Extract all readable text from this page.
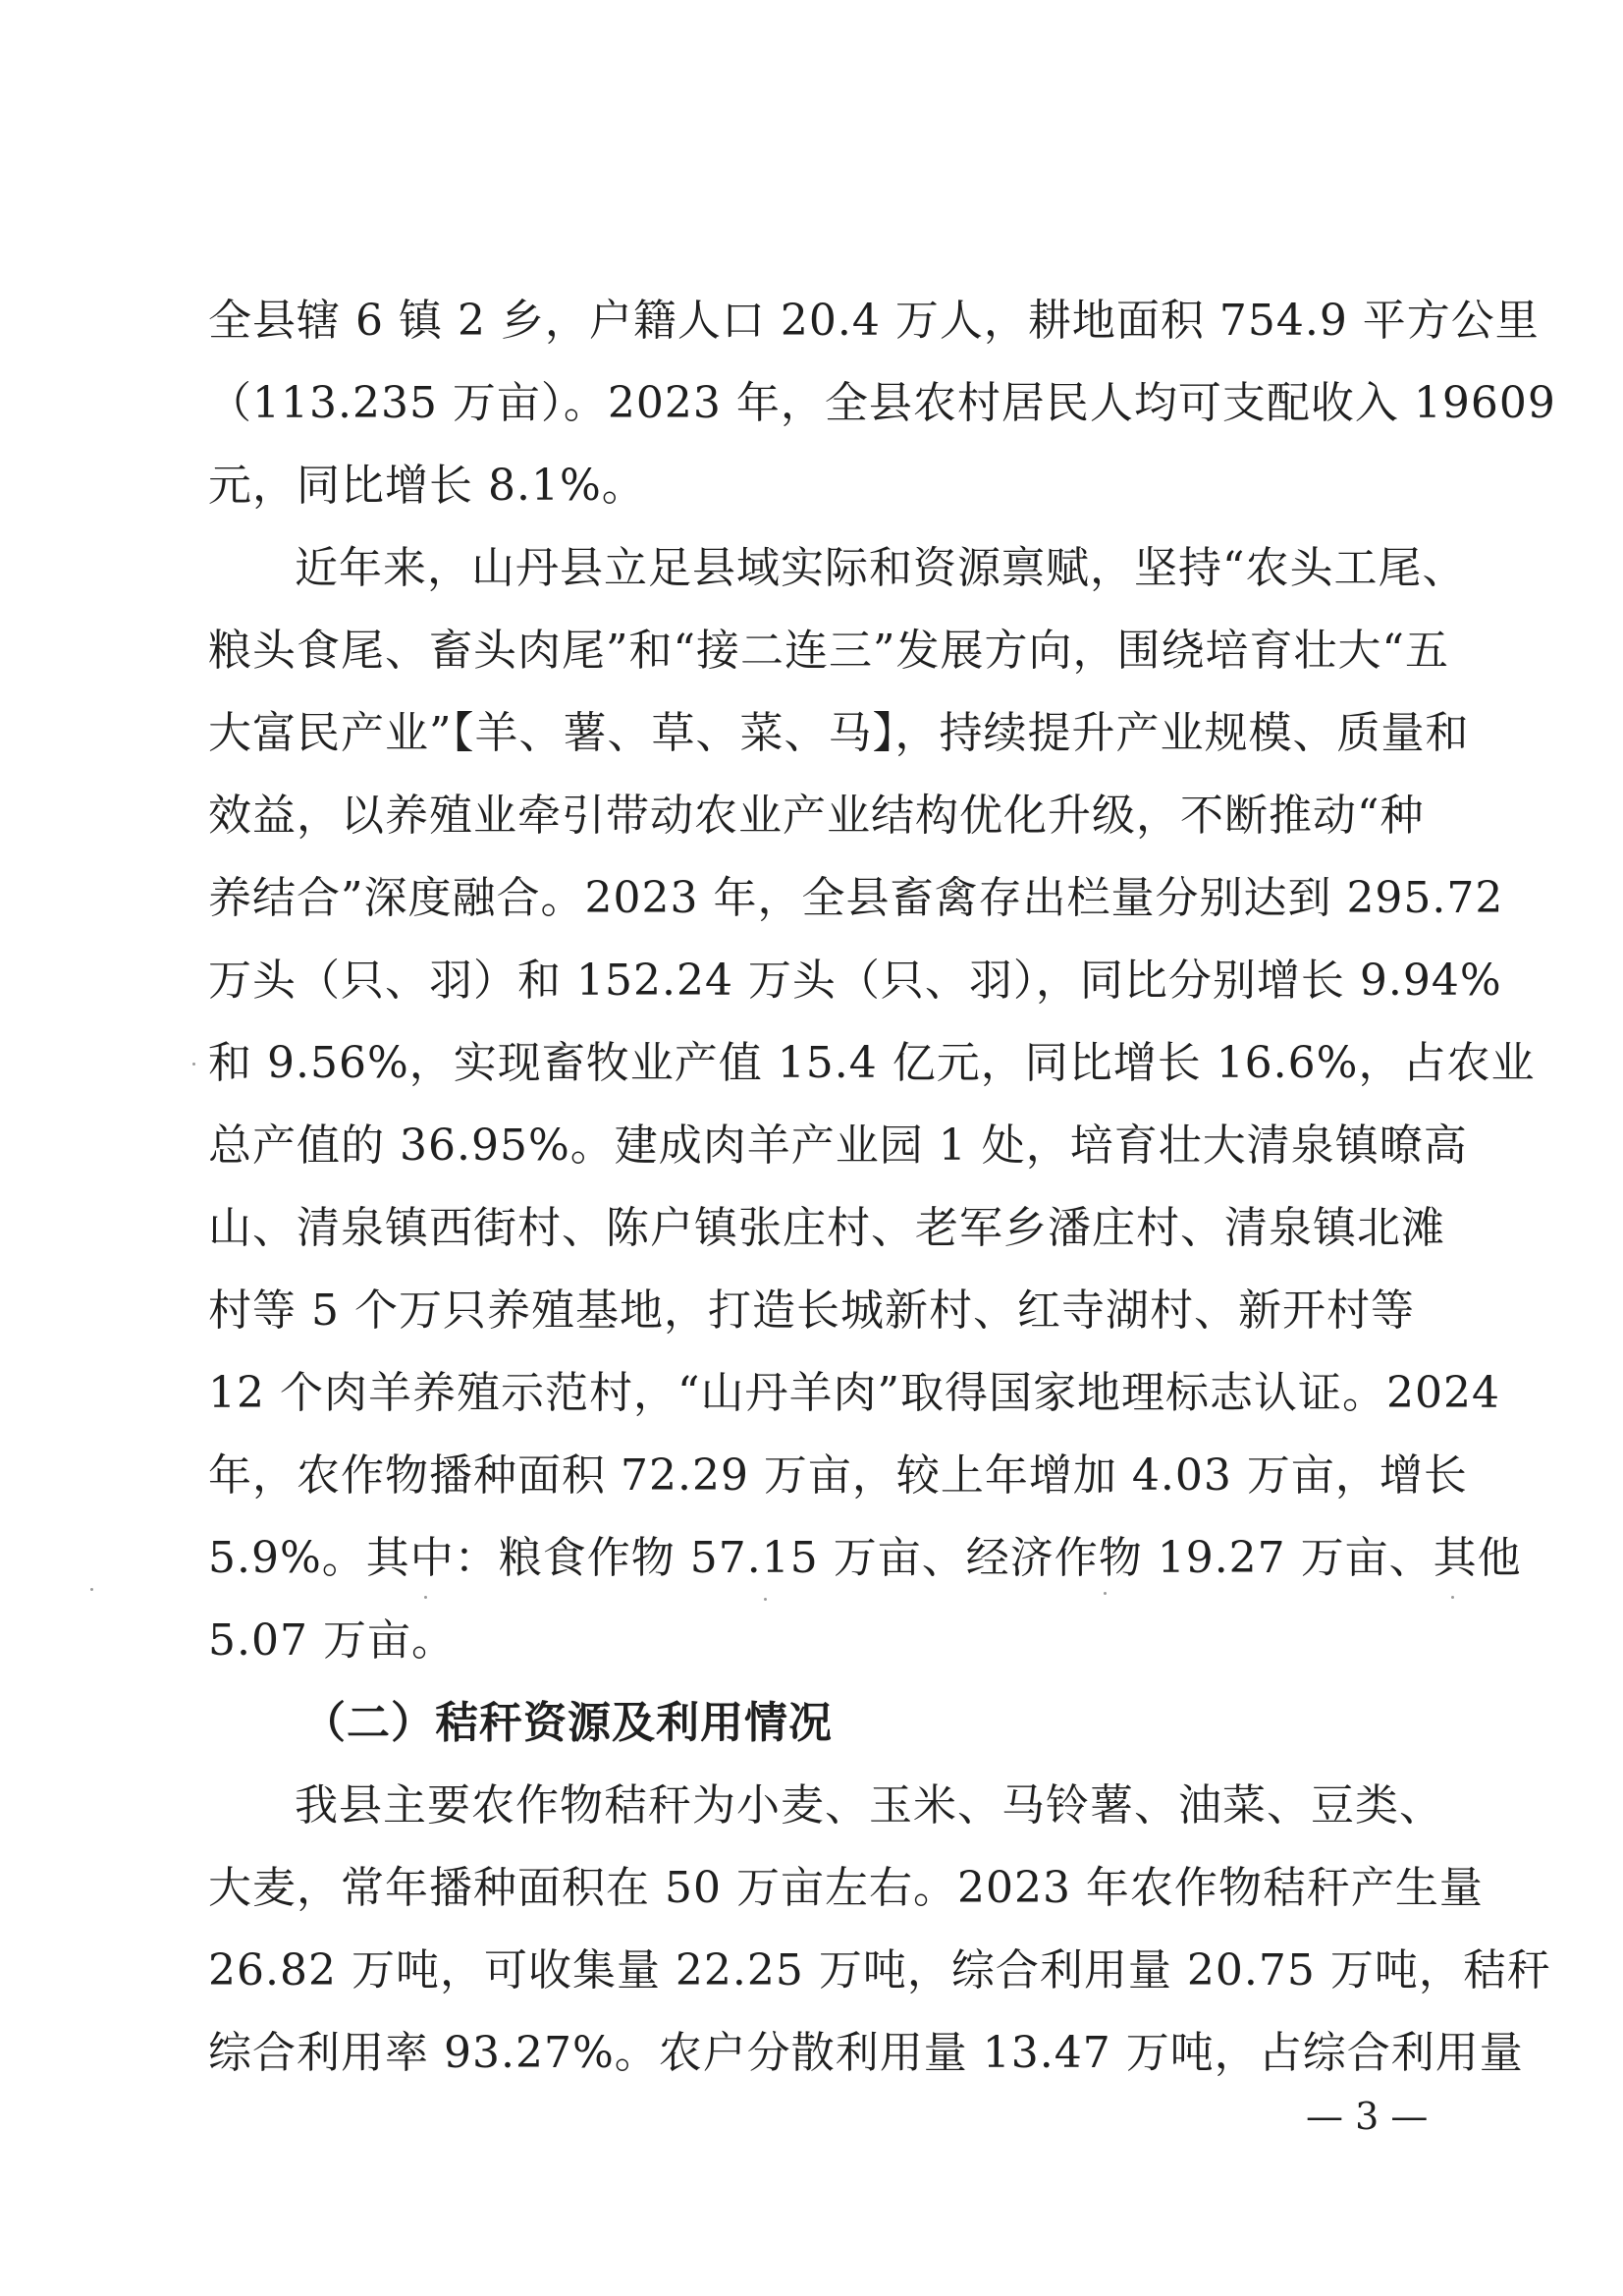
全县辖 6 镇 2 乡，户籍人口 20.4 万人，耕地面积 754.9 平方公里
（113.235 万亩）。2023 年，全县农村居民人均可支配收入 19609
元，同比增长 8.1%。
近年来，山丹县立足县域实际和资源禀赋，坚持“农头工尾、
粮头食尾、畜头肉尾”和“接二连三”发展方向，围绕培育壮大“五
大富民产业”【羊、薯、草、菜、马】，持续提升产业规模、质量和
效益，以养殖业牵引带动农业产业结构优化升级，不断推动“种
养结合”深度融合。2023 年，全县畜禽存出栏量分别达到 295.72
万头（只、羽）和 152.24 万头（只、羽），同比分别增长 9.94%
和 9.56%，实现畜牧业产值 15.4 亿元，同比增长 16.6%，占农业
总产值的 36.95%。建成肉羊产业园 1 处，培育壮大清泉镇暸高
山、清泉镇西街村、陈户镇张庄村、老军乡潘庄村、清泉镇北滩
村等 5 个万只养殖基地，打造长城新村、红寺湖村、新开村等
12 个肉羊养殖示范村，“山丹羊肉”取得国家地理标志认证。2024
年，农作物播种面积 72.29 万亩，较上年增加 4.03 万亩，增长
5.9%。其中：粮食作物 57.15 万亩、经济作物 19.27 万亩、其他
5.07 万亩。
（二）秸秆资源及利用情况
我县主要农作物秸秆为小麦、玉米、马铃薯、油菜、豆类、
大麦，常年播种面积在 50 万亩左右。2023 年农作物秸秆产生量
26.82 万吨，可收集量 22.25 万吨，综合利用量 20.75 万吨，秸秆
综合利用率 93.27%。农户分散利用量 13.47 万吨，占综合利用量
— 3 —
